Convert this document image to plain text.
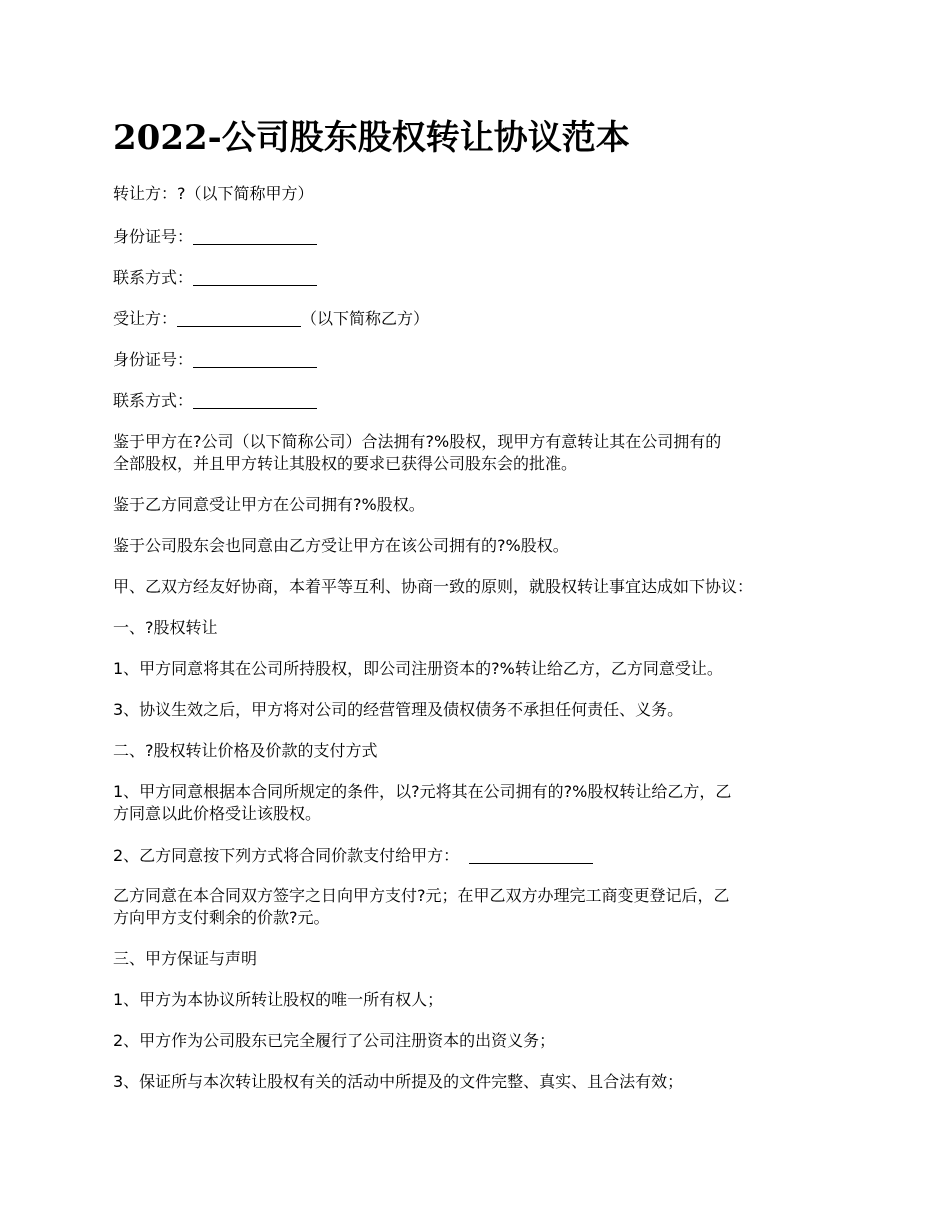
2022-公司股东股权转让协议范本

转让方：?（以下简称甲方）

身份证号：

联系方式：

受让方：	（以下简称乙方）

身份证号：

联系方式：

鉴于甲方在?公司（以下简称公司）合法拥有?%股权，现甲方有意转让其在公司拥有的
全部股权，并且甲方转让其股权的要求已获得公司股东会的批准。

鉴于乙方同意受让甲方在公司拥有?%股权。

鉴于公司股东会也同意由乙方受让甲方在该公司拥有的?%股权。

甲、乙双方经友好协商，本着平等互利、协商一致的原则，就股权转让事宜达成如下协议：

一、?股权转让

1、甲方同意将其在公司所持股权，即公司注册资本的?%转让给乙方，乙方同意受让。

3、协议生效之后，甲方将对公司的经营管理及债权债务不承担任何责任、义务。

二、?股权转让价格及价款的支付方式

1、甲方同意根据本合同所规定的条件，以?元将其在公司拥有的?%股权转让给乙方，乙
方同意以此价格受让该股权。

2、乙方同意按下列方式将合同价款支付给甲方：

乙方同意在本合同双方签字之日向甲方支付?元；在甲乙双方办理完工商变更登记后，乙
方向甲方支付剩余的价款?元。

三、甲方保证与声明

1、甲方为本协议所转让股权的唯一所有权人；

2、甲方作为公司股东已完全履行了公司注册资本的出资义务；

3、保证所与本次转让股权有关的活动中所提及的文件完整、真实、且合法有效；
